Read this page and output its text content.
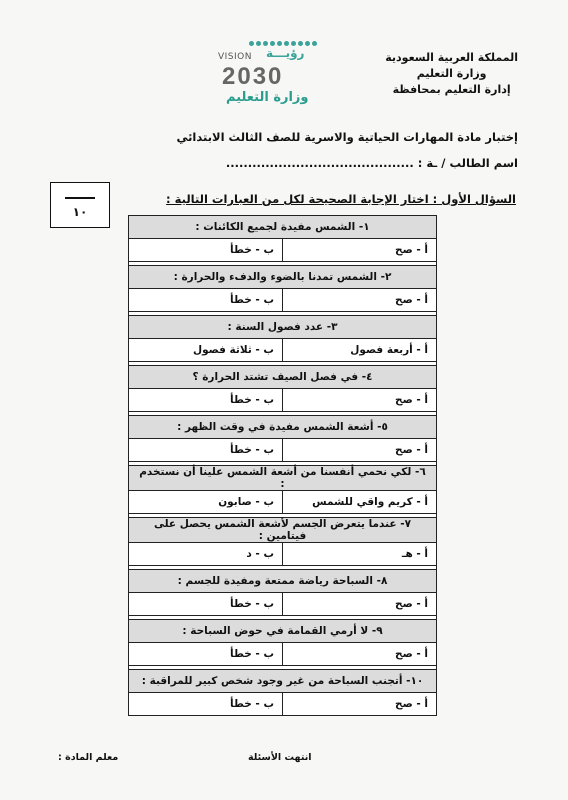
المملكة العربية السعودية
وزارة التعليم
إدارة التعليم بمحافظة
VISION رؤيـــة
2030
وزارة التعليم
إختبار مادة المهارات الحياتية والاسرية للصف الثالث الابتدائي
اسم الطالب / ـة : ...........................................
١٠
السؤال الأول : اختار الإجابة الصحيحة لكل من العبارات التالية :
١- الشمس مفيدة لجميع الكائنات :	
أ - صح	ب - خطأ

٢- الشمس تمدنا بالضوء والدفء والحرارة :	
أ - صح	ب - خطأ

٣- عدد فصول السنة :	
أ - أربعة فصول	ب - ثلاثة فصول

٤- في فصل الصيف تشتد الحرارة ؟	
أ - صح	ب - خطأ

٥- أشعة الشمس مفيدة في وقت الظهر :	
أ - صح	ب - خطأ

٦- لكي نحمي أنفسنا من أشعة الشمس علينا أن نستخدم :	
أ - كريم واقي للشمس	ب - صابون

٧- عندما يتعرض الجسم لأشعة الشمس يحصل على فيتامين :	
أ - هـ	ب - د

٨- السباحة رياضة ممتعة ومفيدة للجسم :	
أ - صح	ب - خطأ

٩- لا أرمي القمامة في حوض السباحة :	
أ - صح	ب - خطأ

١٠- أتجنب السباحة من غير وجود شخص كبير للمراقبة :	
أ - صح	ب - خطأ
انتهت الأسئلة
معلم المادة :
